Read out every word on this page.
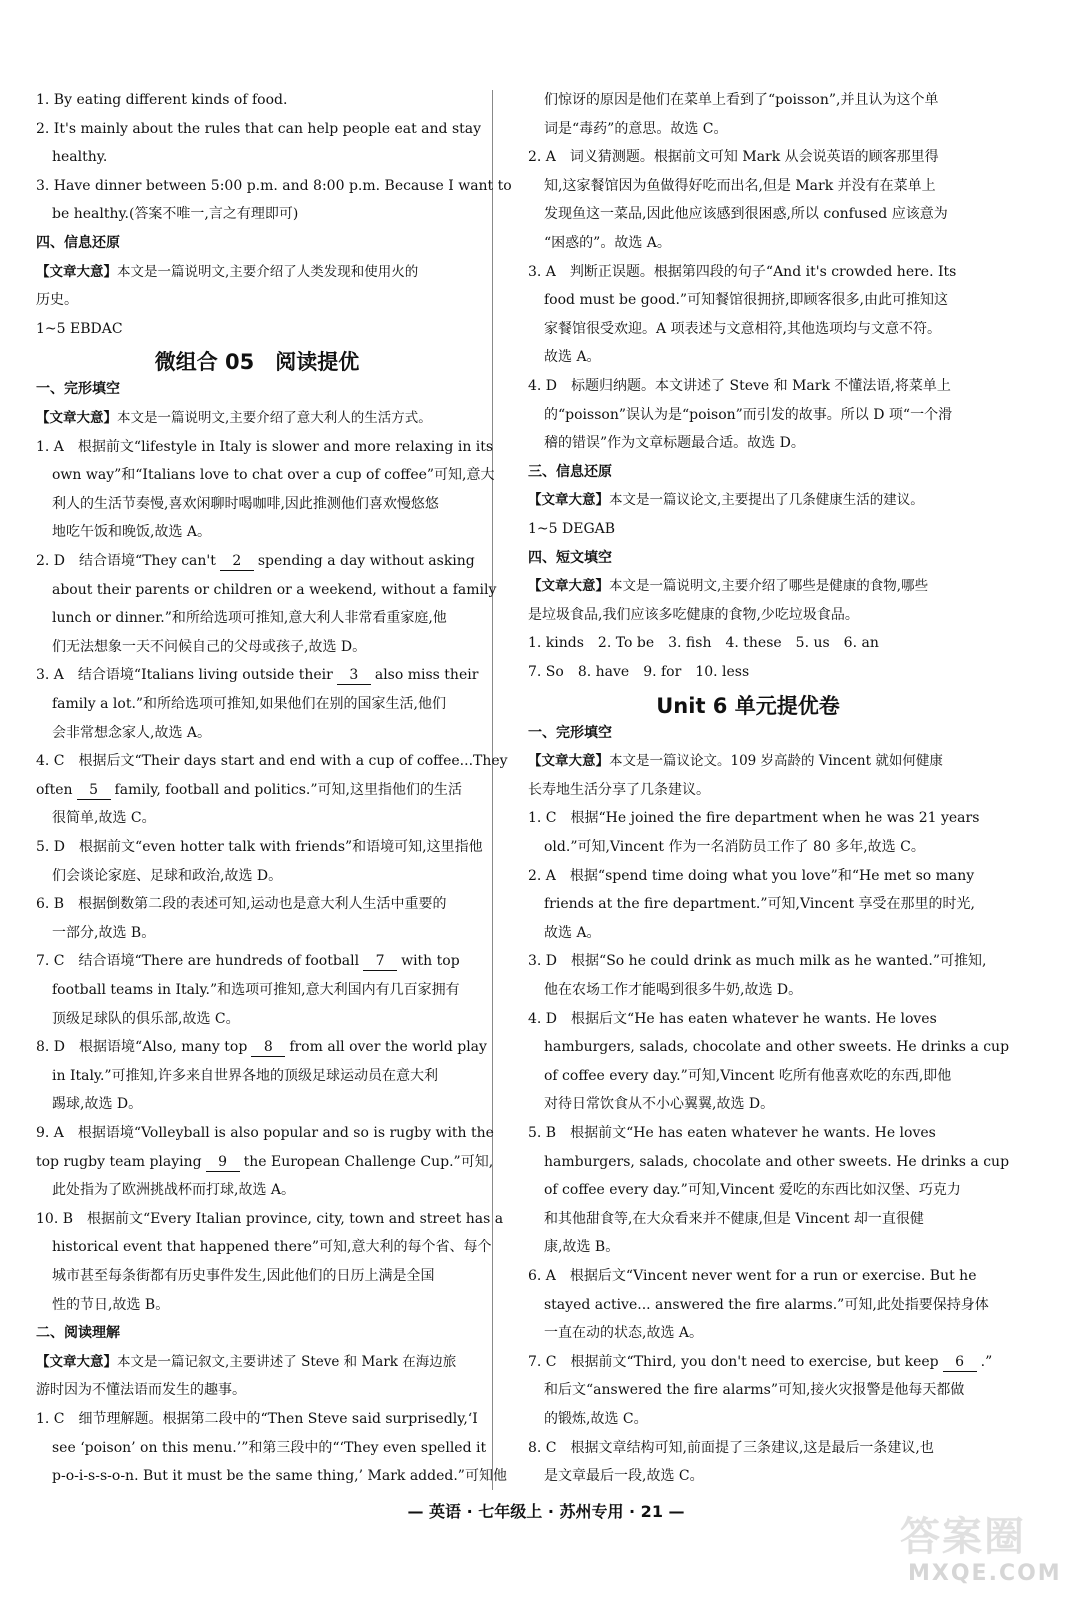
1. By eating different kinds of food.
2. It's mainly about the rules that can help people eat and stay
healthy.
3. Have dinner between 5:00 p.m. and 8:00 p.m. Because I want to
be healthy.(答案不唯一,言之有理即可)
四、信息还原
【文章大意】本文是一篇说明文,主要介绍了人类发现和使用火的
历史。
1~5 EBDAC
微组合 05　阅读提优
一、完形填空
【文章大意】本文是一篇说明文,主要介绍了意大利人的生活方式。
1. A　根据前文“lifestyle in Italy is slower and more relaxing in its
own way”和“Italians love to chat over a cup of coffee”可知,意大
利人的生活节奏慢,喜欢闲聊时喝咖啡,因此推测他们喜欢慢悠悠
地吃午饭和晚饭,故选 A。
2. D　结合语境“They can't 2 spending a day without asking
about their parents or children or a weekend, without a family
lunch or dinner.”和所给选项可推知,意大利人非常看重家庭,他
们无法想象一天不问候自己的父母或孩子,故选 D。
3. A　结合语境“Italians living outside their 3 also miss their
family a lot.”和所给选项可推知,如果他们在别的国家生活,他们
会非常想念家人,故选 A。
4. C　根据后文“Their days start and end with a cup of coffee...They
often 5 family, football and politics.”可知,这里指他们的生活
很简单,故选 C。
5. D　根据前文“even hotter talk with friends”和语境可知,这里指他
们会谈论家庭、足球和政治,故选 D。
6. B　根据倒数第二段的表述可知,运动也是意大利人生活中重要的
一部分,故选 B。
7. C　结合语境“There are hundreds of football 7 with top
football teams in Italy.”和选项可推知,意大利国内有几百家拥有
顶级足球队的俱乐部,故选 C。
8. D　根据语境“Also, many top 8 from all over the world play
in Italy.”可推知,许多来自世界各地的顶级足球运动员在意大利
踢球,故选 D。
9. A　根据语境“Volleyball is also popular and so is rugby with the
top rugby team playing 9 the European Challenge Cup.”可知,
此处指为了欧洲挑战杯而打球,故选 A。
10. B　根据前文“Every Italian province, city, town and street has a
historical event that happened there”可知,意大利的每个省、每个
城市甚至每条街都有历史事件发生,因此他们的日历上满是全国
性的节日,故选 B。
二、阅读理解
【文章大意】本文是一篇记叙文,主要讲述了 Steve 和 Mark 在海边旅
游时因为不懂法语而发生的趣事。
1. C　细节理解题。根据第二段中的“Then Steve said surprisedly,‘I
see ‘poison’ on this menu.’”和第三段中的“‘They even spelled it
p-o-i-s-s-o-n. But it must be the same thing,’ Mark added.”可知他
们惊讶的原因是他们在菜单上看到了“poisson”,并且认为这个单
词是“毒药”的意思。故选 C。
2. A　词义猜测题。根据前文可知 Mark 从会说英语的顾客那里得
知,这家餐馆因为鱼做得好吃而出名,但是 Mark 并没有在菜单上
发现鱼这一菜品,因此他应该感到很困惑,所以 confused 应该意为
“困惑的”。故选 A。
3. A　判断正误题。根据第四段的句子“And it's crowded here. Its
food must be good.”可知餐馆很拥挤,即顾客很多,由此可推知这
家餐馆很受欢迎。A 项表述与文意相符,其他选项均与文意不符。
故选 A。
4. D　标题归纳题。本文讲述了 Steve 和 Mark 不懂法语,将菜单上
的“poisson”误认为是“poison”而引发的故事。所以 D 项“一个滑
稽的错误”作为文章标题最合适。故选 D。
三、信息还原
【文章大意】本文是一篇议论文,主要提出了几条健康生活的建议。
1~5 DEGAB
四、短文填空
【文章大意】本文是一篇说明文,主要介绍了哪些是健康的食物,哪些
是垃圾食品,我们应该多吃健康的食物,少吃垃圾食品。
1. kinds　2. To be　3. fish　4. these　5. us　6. an
7. So　8. have　9. for　10. less
Unit 6 单元提优卷
一、完形填空
【文章大意】本文是一篇议论文。109 岁高龄的 Vincent 就如何健康
长寿地生活分享了几条建议。
1. C　根据“He joined the fire department when he was 21 years
old.”可知,Vincent 作为一名消防员工作了 80 多年,故选 C。
2. A　根据“spend time doing what you love”和“He met so many
friends at the fire department.”可知,Vincent 享受在那里的时光,
故选 A。
3. D　根据“So he could drink as much milk as he wanted.”可推知,
他在农场工作才能喝到很多牛奶,故选 D。
4. D　根据后文“He has eaten whatever he wants. He loves
hamburgers, salads, chocolate and other sweets. He drinks a cup
of coffee every day.”可知,Vincent 吃所有他喜欢吃的东西,即他
对待日常饮食从不小心翼翼,故选 D。
5. B　根据前文“He has eaten whatever he wants. He loves
hamburgers, salads, chocolate and other sweets. He drinks a cup
of coffee every day.”可知,Vincent 爱吃的东西比如汉堡、巧克力
和其他甜食等,在大众看来并不健康,但是 Vincent 却一直很健
康,故选 B。
6. A　根据后文“Vincent never went for a run or exercise. But he
stayed active... answered the fire alarms.”可知,此处指要保持身体
一直在动的状态,故选 A。
7. C　根据前文“Third, you don't need to exercise, but keep 6 .”
和后文“answered the fire alarms”可知,接火灾报警是他每天都做
的锻炼,故选 C。
8. C　根据文章结构可知,前面提了三条建议,这是最后一条建议,也
是文章最后一段,故选 C。
— 英语 · 七年级上 · 苏州专用 · 21 —
答案圈
MXQE.COM
